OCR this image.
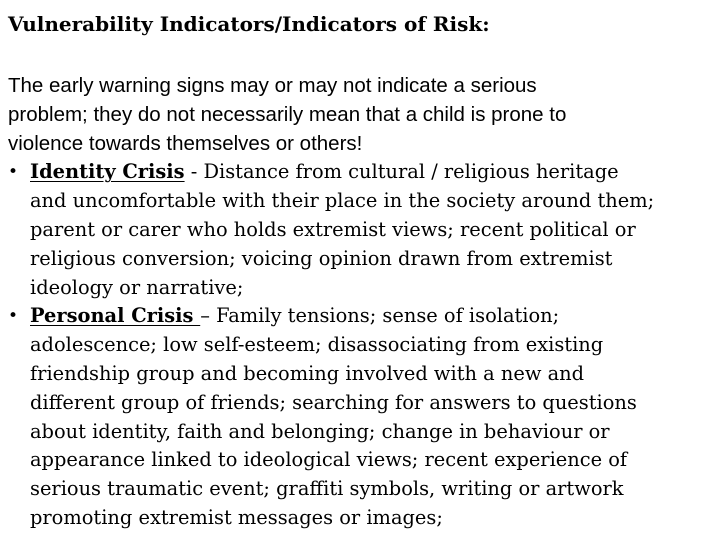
Vulnerability Indicators/Indicators of Risk:
The early warning signs may or may not indicate a serious
problem; they do not necessarily mean that a child is prone to
violence towards themselves or others!
• Identity Crisis - Distance from cultural / religious heritage
and uncomfortable with their place in the society around them;
parent or carer who holds extremist views; recent political or
religious conversion; voicing opinion drawn from extremist
ideology or narrative;
• Personal Crisis – Family tensions; sense of isolation;
adolescence; low self-esteem; disassociating from existing
friendship group and becoming involved with a new and
different group of friends; searching for answers to questions
about identity, faith and belonging; change in behaviour or
appearance linked to ideological views; recent experience of
serious traumatic event; graffiti symbols, writing or artwork
promoting extremist messages or images;
